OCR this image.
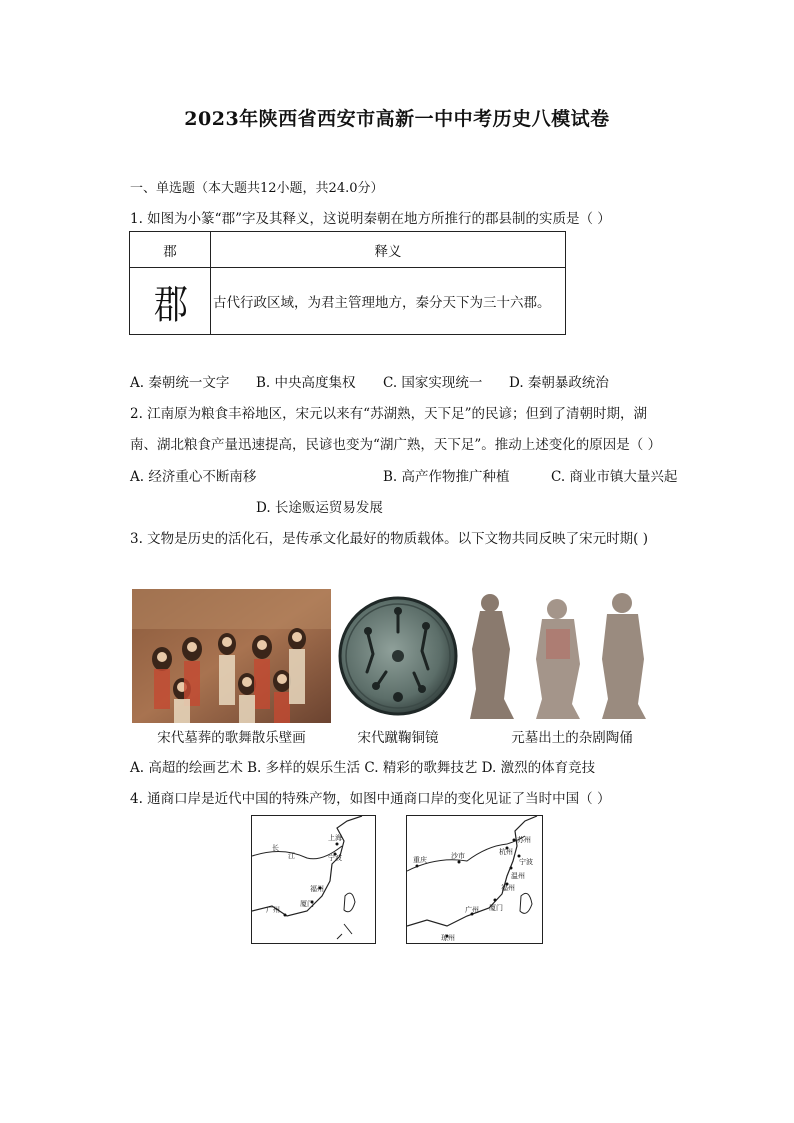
2023年陕西省西安市高新一中中考历史八模试卷
一、单选题（本大题共12小题，共24.0分）
1. 如图为小篆“郡”字及其释义，这说明秦朝在地方所推行的郡县制的实质是（ ）
郡	释义
郡	古代行政区域，为君主管理地方，秦分天下为三十六郡。
A. 秦朝统一文字 B. 中央高度集权 C. 国家实现统一 D. 秦朝暴政统治
2. 江南原为粮食丰裕地区，宋元以来有“苏湖熟，天下足”的民谚；但到了清朝时期，湖
南、湖北粮食产量迅速提高，民谚也变为“湖广熟，天下足”。推动上述变化的原因是（ ）
A. 经济重心不断南移	B. 高产作物推广种植	C. 商业市镇大量兴起
D. 长途贩运贸易发展
3. 文物是历史的活化石，是传承文化最好的物质载体。以下文物共同反映了宋元时期( )
宋代墓葬的歌舞散乐壁画	宋代蹴鞠铜镜	元墓出土的杂剧陶俑
A. 高超的绘画艺术 B. 多样的娱乐生活 C. 精彩的歌舞技艺 D. 激烈的体育竞技
4. 通商口岸是近代中国的特殊产物，如图中通商口岸的变化见证了当时中国（ ）
长
江
上海
宁波
福州
厦门
广州
重庆	沙市
苏州
杭州
宁波
温州
福州
厦门
广州
琼州
